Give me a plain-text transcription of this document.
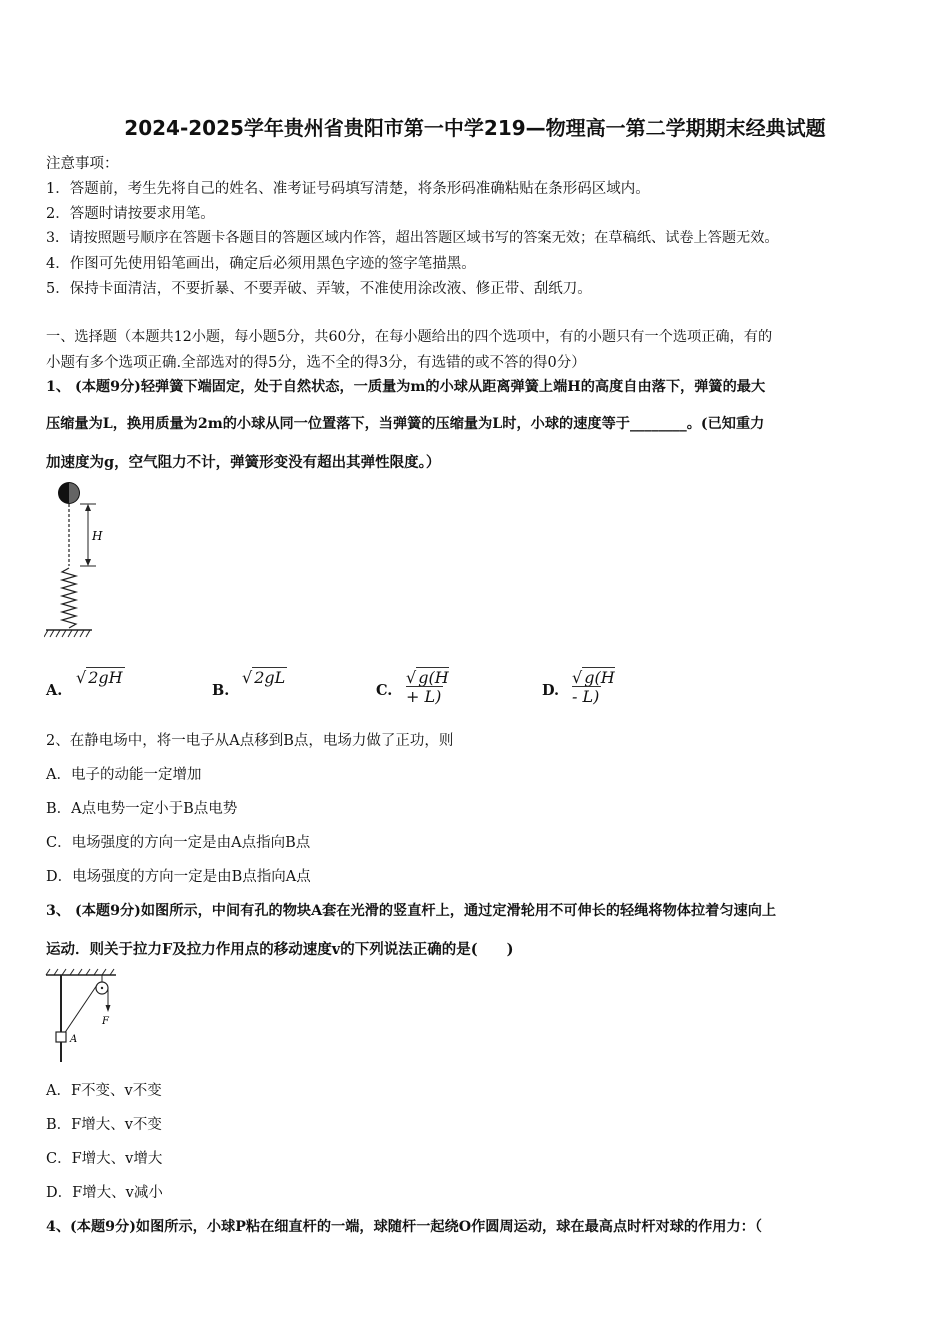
2024-2025学年贵州省贵阳市第一中学219—物理高一第二学期期末经典试题
注意事项：
1．答题前，考生先将自己的姓名、准考证号码填写清楚，将条形码准确粘贴在条形码区域内。
2．答题时请按要求用笔。
3．请按照题号顺序在答题卡各题目的答题区域内作答，超出答题区域书写的答案无效；在草稿纸、试卷上答题无效。
4．作图可先使用铅笔画出，确定后必须用黑色字迹的签字笔描黑。
5．保持卡面清洁，不要折暴、不要弄破、弄皱，不准使用涂改液、修正带、刮纸刀。
一、选择题（本题共12小题，每小题5分，共60分，在每小题给出的四个选项中，有的小题只有一个选项正确，有的
小题有多个选项正确.全部选对的得5分，选不全的得3分，有选错的或不答的得0分）
1、 (本题9分)轻弹簧下端固定，处于自然状态，一质量为m的小球从距离弹簧上端H的高度自由落下，弹簧的最大
压缩量为L，换用质量为2m的小球从同一位置落下，当弹簧的压缩量为L时，小球的速度等于________。(已知重力
加速度为g，空气阻力不计，弹簧形变没有超出其弹性限度。）
H
A.
√ 2gH
B.
√ 2gL
C.
√ g(H + L)	D.
√ g(H - L)
2、在静电场中，将一电子从A点移到B点，电场力做了正功，则
A．电子的动能一定增加
B．A点电势一定小于B点电势
C．电场强度的方向一定是由A点指向B点
D．电场强度的方向一定是由B点指向A点
3、 (本题9分)如图所示，中间有孔的物块A套在光滑的竖直杆上，通过定滑轮用不可伸长的轻绳将物体拉着匀速向上
运动．则关于拉力F及拉力作用点的移动速度v的下列说法正确的是(　　)
F
A
A．F不变、v不变
B．F增大、v不变
C．F增大、v增大
D．F增大、v减小
4、(本题9分)如图所示，小球P粘在细直杆的一端，球随杆一起绕O作圆周运动，球在最高点时杆对球的作用力：（
